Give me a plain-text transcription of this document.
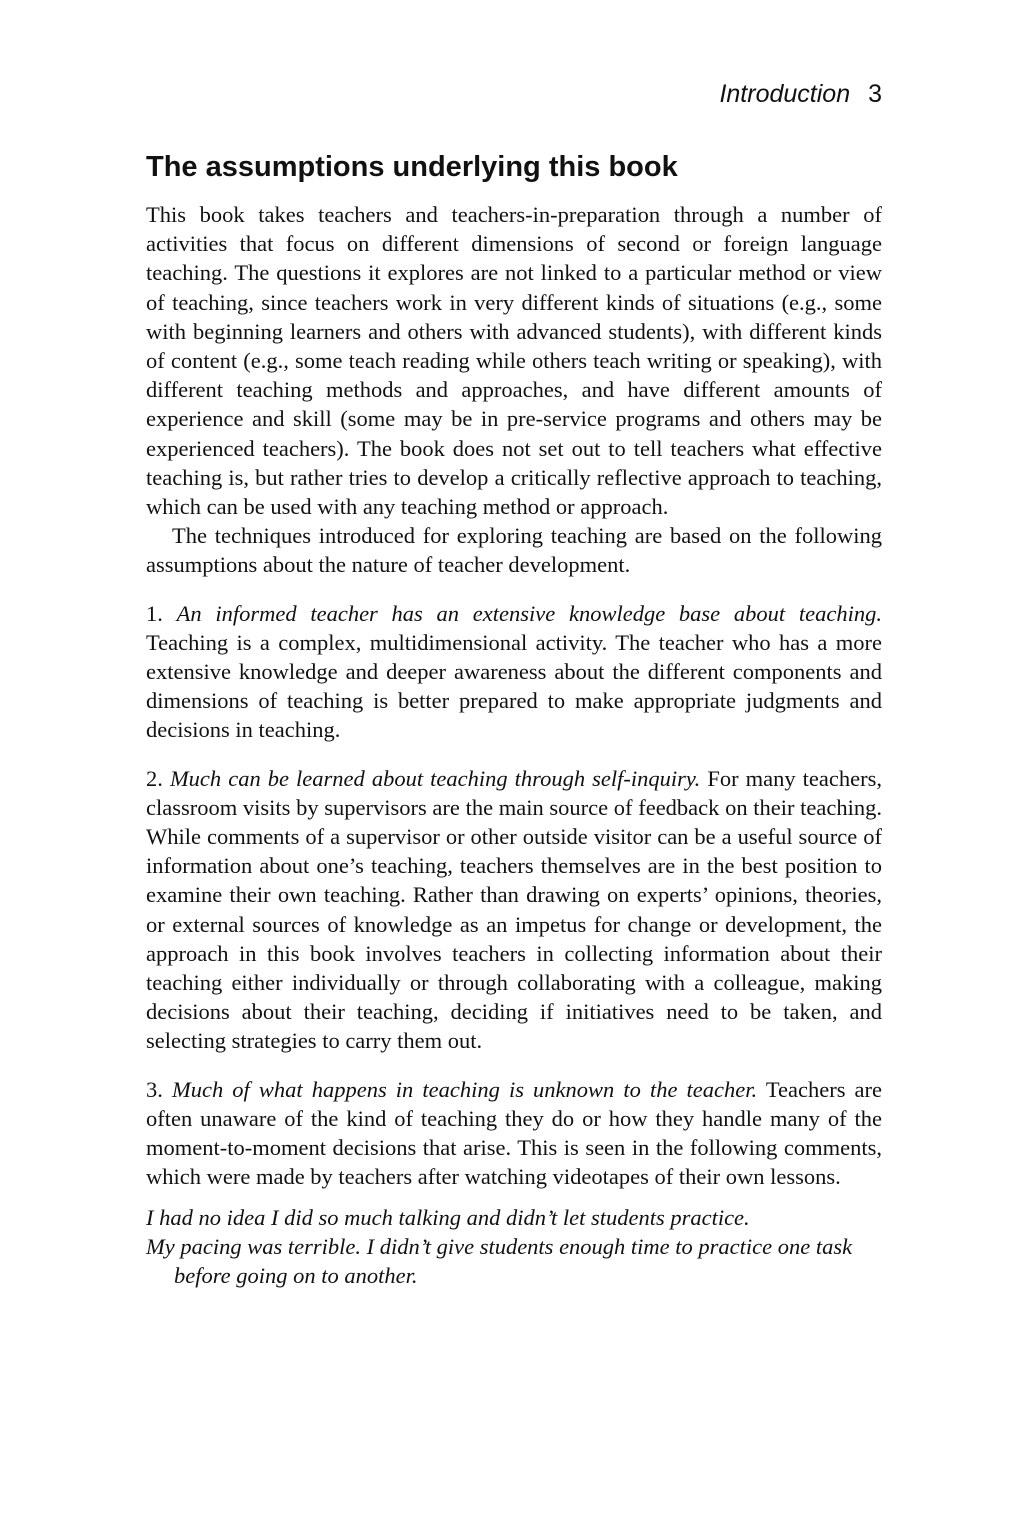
Introduction 3
The assumptions underlying this book

This book takes teachers and teachers-in-preparation through a number of activities that focus on different dimensions of second or foreign language teaching. The questions it explores are not linked to a particular method or view of teaching, since teachers work in very different kinds of situations (e.g., some with beginning learners and others with advanced students), with different kinds of content (e.g., some teach reading while others teach writing or speaking), with different teaching methods and approaches, and have different amounts of experience and skill (some may be in pre-service programs and others may be experienced teachers). The book does not set out to tell teachers what effective teaching is, but rather tries to develop a critically reflective approach to teaching, which can be used with any teaching method or approach.

The techniques introduced for exploring teaching are based on the following assumptions about the nature of teacher development.

1. An informed teacher has an extensive knowledge base about teaching. Teaching is a complex, multidimensional activity. The teacher who has a more extensive knowledge and deeper awareness about the different components and dimensions of teaching is better prepared to make appropriate judgments and decisions in teaching.

2. Much can be learned about teaching through self-inquiry. For many teachers, classroom visits by supervisors are the main source of feedback on their teaching. While comments of a supervisor or other outside visitor can be a useful source of information about one’s teaching, teachers themselves are in the best position to examine their own teaching. Rather than drawing on experts’ opinions, theories, or external sources of knowledge as an impetus for change or development, the approach in this book involves teachers in collecting information about their teaching either individually or through collaborating with a colleague, making decisions about their teaching, deciding if initiatives need to be taken, and selecting strategies to carry them out.

3. Much of what happens in teaching is unknown to the teacher. Teachers are often unaware of the kind of teaching they do or how they handle many of the moment-to-moment decisions that arise. This is seen in the following comments, which were made by teachers after watching videotapes of their own lessons.

I had no idea I did so much talking and didn’t let students practice.

My pacing was terrible. I didn’t give students enough time to practice one task before going on to another.
